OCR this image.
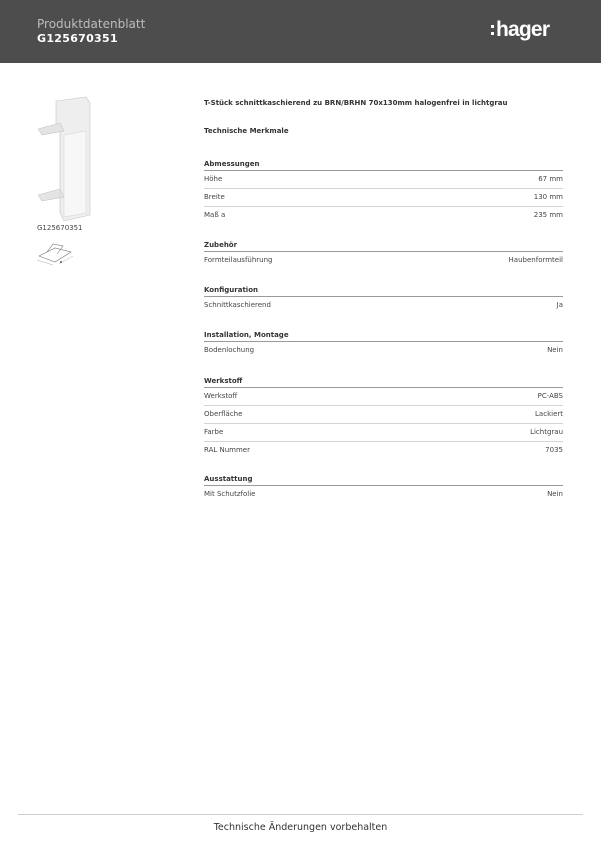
Produktdatenblatt
G125670351	hager
G125670351
T-Stück schnittkaschierend zu BRN/BRHN 70x130mm halogenfrei in lichtgrau
Technische Merkmale
Abmessungen
Höhe	67 mm
Breite	130 mm
Maß a	235 mm
Zubehör
Formteilausführung	Haubenformteil
Konfiguration
Schnittkaschierend	Ja
Installation, Montage
Bodenlochung	Nein
Werkstoff
Werkstoff	PC-ABS
Oberfläche	Lackiert
Farbe	Lichtgrau
RAL Nummer	7035
Ausstattung
Mit Schutzfolie	Nein
Technische Änderungen vorbehalten
